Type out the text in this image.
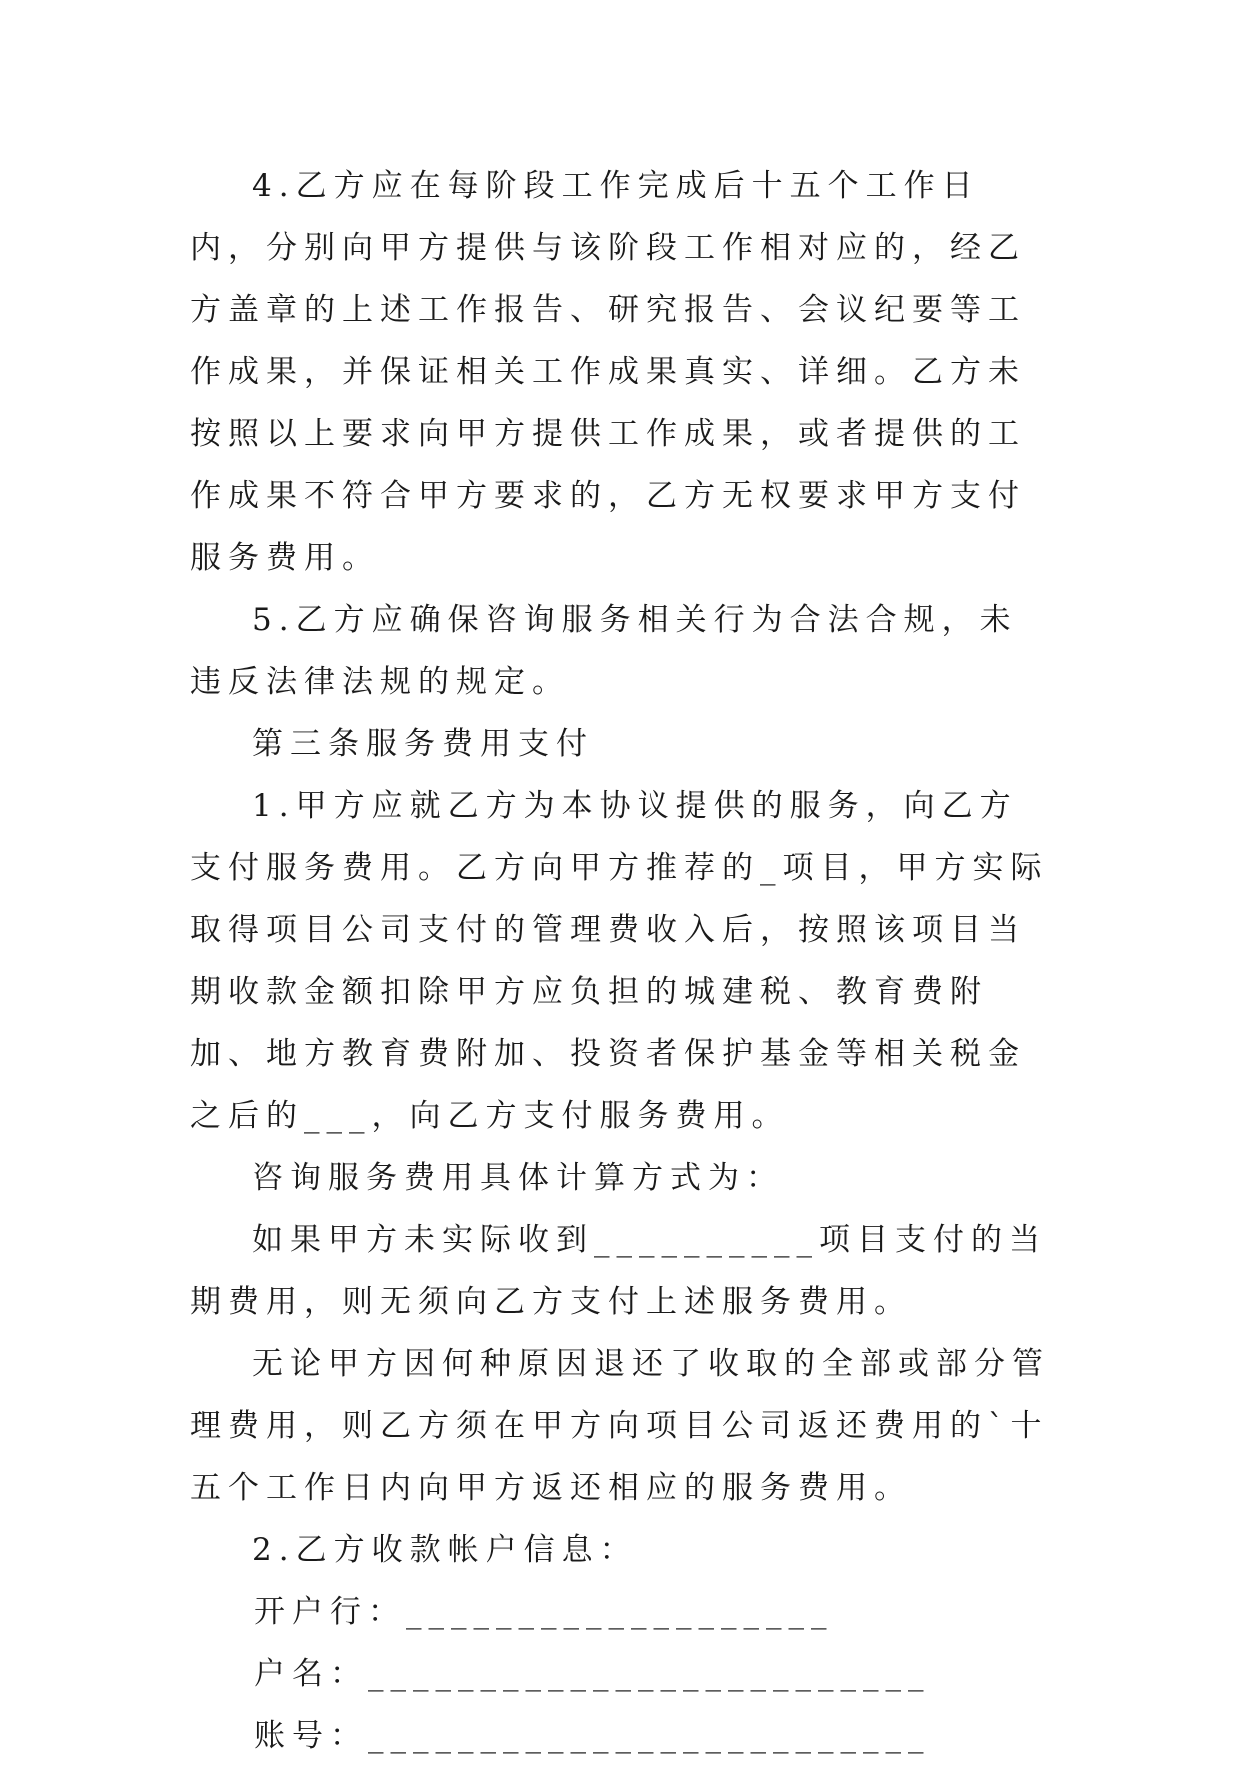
4.乙方应在每阶段工作完成后十五个工作日内，分别向甲方提供与该阶段工作相对应的，经乙方盖章的上述工作报告、研究报告、会议纪要等工作成果，并保证相关工作成果真实、详细。乙方未按照以上要求向甲方提供工作成果，或者提供的工作成果不符合甲方要求的，乙方无权要求甲方支付服务费用。

5.乙方应确保咨询服务相关行为合法合规，未违反法律法规的规定。

第三条服务费用支付

1.甲方应就乙方为本协议提供的服务，向乙方支付服务费用。乙方向甲方推荐的_项目，甲方实际取得项目公司支付的管理费收入后，按照该项目当期收款金额扣除甲方应负担的城建税、教育费附加、地方教育费附加、投资者保护基金等相关税金之后的___，向乙方支付服务费用。

咨询服务费用具体计算方式为：

如果甲方未实际收到__________项目支付的当期费用，则无须向乙方支付上述服务费用。

无论甲方因何种原因退还了收取的全部或部分管理费用，则乙方须在甲方向项目公司返还费用的`十五个工作日内向甲方返还相应的服务费用。

2.乙方收款帐户信息：

开户行：___________________

户名：_________________________

账号：_________________________
